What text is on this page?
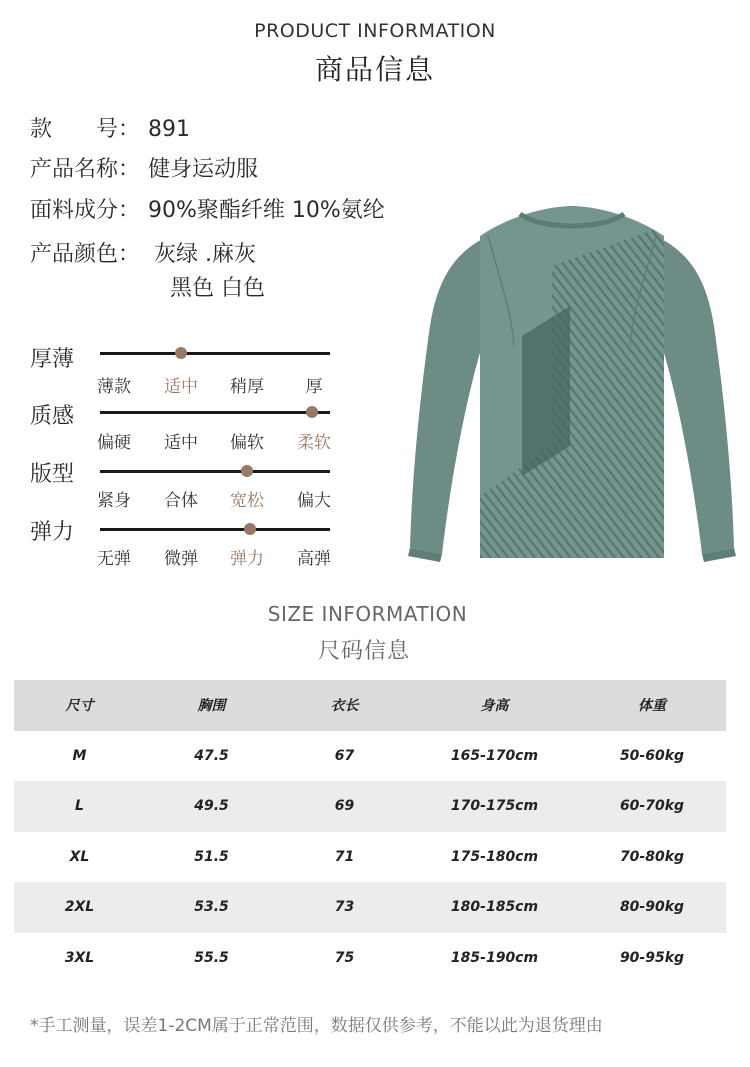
PRODUCT INFORMATION
商品信息
款　　号： 891
产品名称： 健身运动服
面料成分： 90%聚酯纤维 10%氨纶
产品颜色： 灰绿 .麻灰
黑色 白色
厚薄
薄款 适中 稍厚 厚
质感
偏硬 适中 偏软 柔软
版型
紧身 合体 宽松 偏大
弹力
无弹 微弹 弹力 高弹
SIZE INFORMATION
尺码信息
尺寸	胸围	衣长	身高	体重
M	47.5	67	165-170cm	50-60kg
L	49.5	69	170-175cm	60-70kg
XL	51.5	71	175-180cm	70-80kg
2XL	53.5	73	180-185cm	80-90kg
3XL	55.5	75	185-190cm	90-95kg
*手工测量，误差1-2CM属于正常范围，数据仅供参考，不能以此为退货理由
